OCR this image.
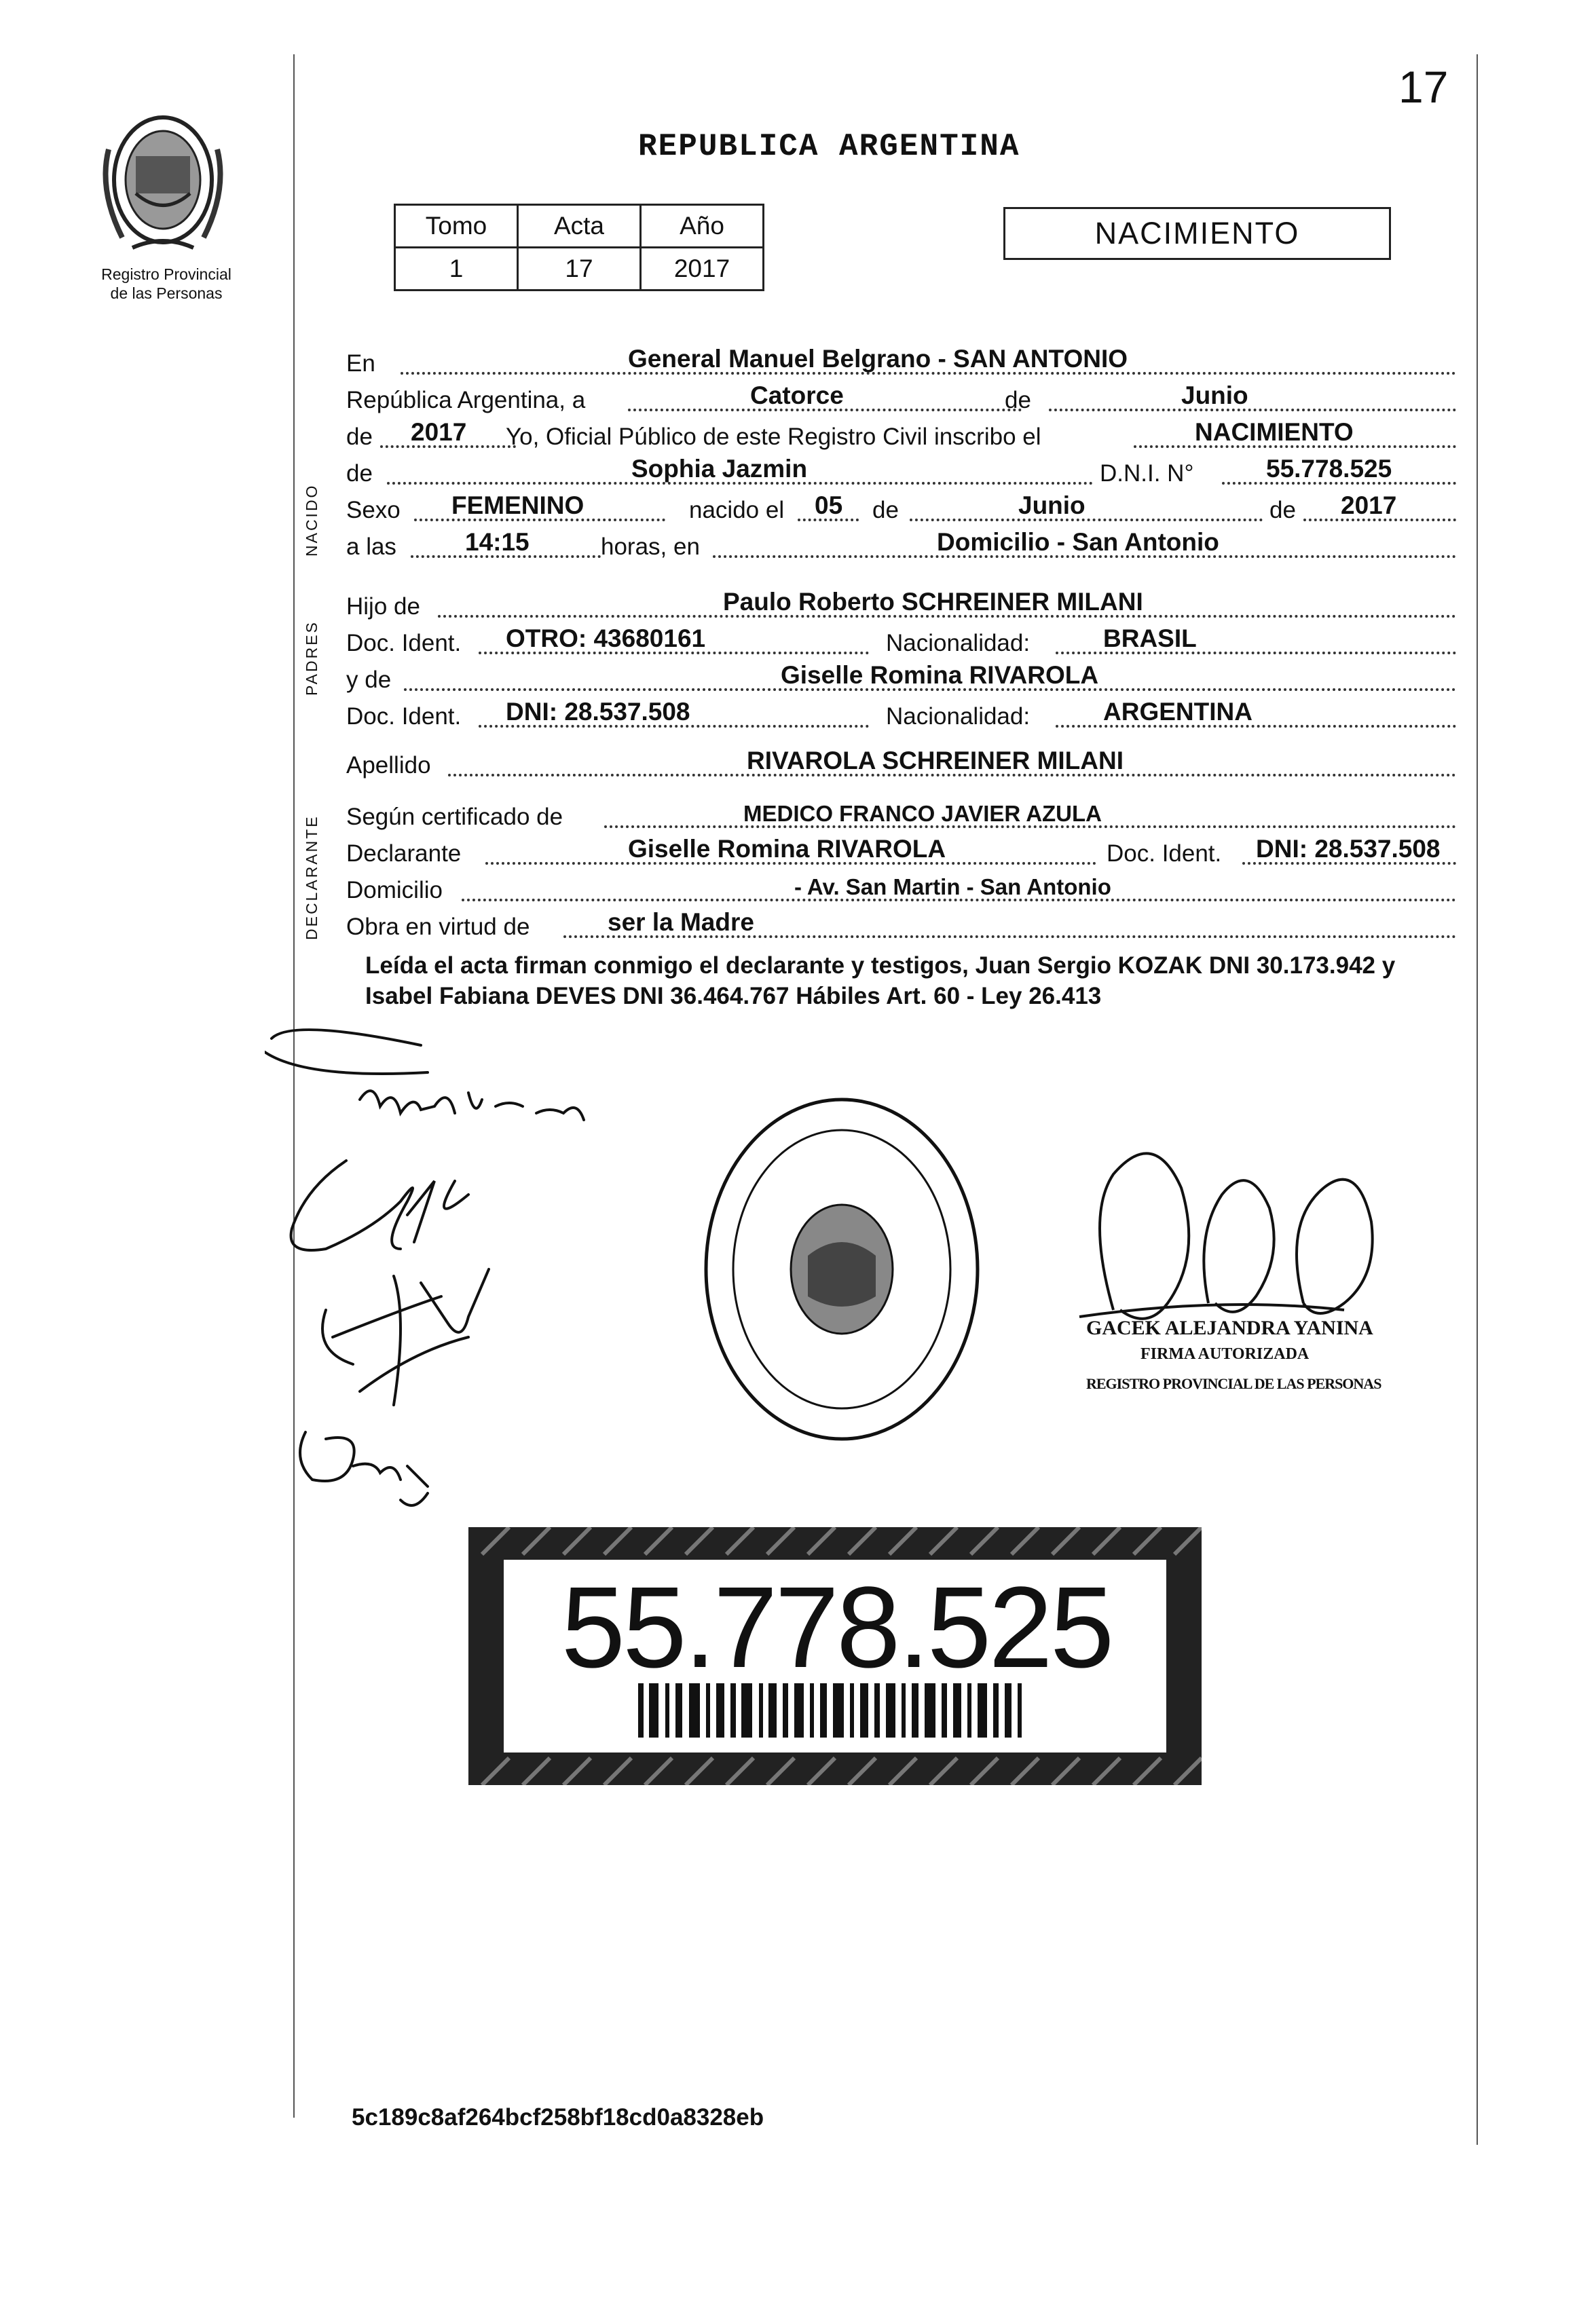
17
Registro Provincial
de las Personas
REPUBLICA ARGENTINA
Tomo	Acta	Año
1	17	2017
NACIMIENTO
NACIDO
PADRES
DECLARANTE
En	General Manuel Belgrano - SAN ANTONIO
República Argentina, a	Catorce	de	Junio
de 2017 Yo, Oficial Público de este Registro Civil inscribo el	NACIMIENTO
de	Sophia Jazmin	D.N.I. N°	55.778.525
Sexo FEMENINO	nacido el 05 de	Junio	de 2017
a las	14:15	horas, en	Domicilio - San Antonio
Hijo de	Paulo Roberto SCHREINER MILANI
Doc. Ident. OTRO: 43680161	Nacionalidad:	BRASIL
y de	Giselle Romina RIVAROLA
Doc. Ident. DNI: 28.537.508	Nacionalidad:	ARGENTINA
Apellido	RIVAROLA SCHREINER MILANI
Según certificado de	MEDICO FRANCO JAVIER AZULA
Declarante	Giselle Romina RIVAROLA	Doc. Ident. DNI: 28.537.508
Domicilio	- Av. San Martin - San Antonio
Obra en virtud de	ser la Madre
Leída el acta firman conmigo el declarante y testigos, Juan Sergio KOZAK DNI 30.173.942 y Isabel Fabiana DEVES DNI 36.464.767 Hábiles Art. 60 - Ley 26.413
GACEK ALEJANDRA YANINA
FIRMA AUTORIZADA
REGISTRO PROVINCIAL DE LAS PERSONAS
55.778.525
5c189c8af264bcf258bf18cd0a8328eb
